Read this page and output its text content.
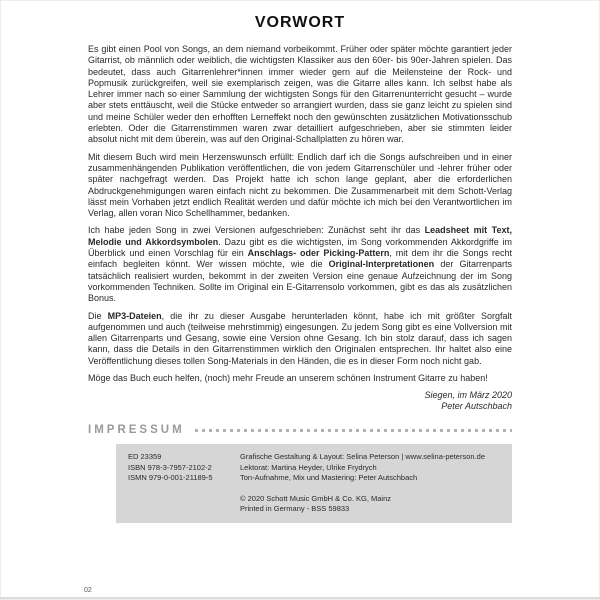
VORWORT

Es gibt einen Pool von Songs, an dem niemand vorbeikommt. Früher oder später möchte garantiert jeder Gitarrist, ob männlich oder weiblich, die wichtigsten Klassiker aus den 60er- bis 90er-Jahren spielen. Das bedeutet, dass auch Gitarrenlehrer*innen immer wieder gern auf die Meilensteine der Rock- und Popmusik zurückgreifen, weil sie exemplarisch zeigen, was die Gitarre alles kann. Ich selbst habe als Lehrer immer nach so einer Sammlung der wichtigsten Songs für den Gitarrenunterricht gesucht – wurde aber stets enttäuscht, weil die Stücke entweder so arrangiert wurden, dass sie ganz leicht zu spielen sind und meine Schüler weder den erhofften Lerneffekt noch den gewünschten zusätzlichen Motivationsschub erlebten. Oder die Gitarrenstimmen waren zwar detailliert aufgeschrieben, aber sie stimmten leider absolut nicht mit dem überein, was auf den Original-Schallplatten zu hören war.

Mit diesem Buch wird mein Herzenswunsch erfüllt: Endlich darf ich die Songs aufschreiben und in einer zusammenhängenden Publikation veröffentlichen, die von jedem Gitarrenschüler und -lehrer früher oder später nachgefragt werden. Das Projekt hatte ich schon lange geplant, aber die erforderlichen Abdruckgenehmigungen waren einfach nicht zu bekommen. Die Zusammenarbeit mit dem Schott-Verlag lässt mein Vorhaben jetzt endlich Realität werden und dafür möchte ich mich bei den Verantwortlichen im Verlag, allen voran Nico Schellhammer, bedanken.

Ich habe jeden Song in zwei Versionen aufgeschrieben: Zunächst seht ihr das Leadsheet mit Text, Melodie und Akkordsymbolen. Dazu gibt es die wichtigsten, im Song vorkommenden Akkordgriffe im Überblick und einen Vorschlag für ein Anschlags- oder Picking-Pattern, mit dem ihr die Songs recht einfach begleiten könnt. Wer wissen möchte, wie die Original-Interpretationen der Gitarrenparts tatsächlich realisiert wurden, bekommt in der zweiten Version eine genaue Aufzeichnung der im Song vorkommenden Techniken. Sollte im Original ein E-Gitarrensolo vorkommen, gibt es das als zusätzlichen Bonus.

Die MP3-Dateien, die ihr zu dieser Ausgabe herunterladen könnt, habe ich mit größter Sorgfalt aufgenommen und auch (teilweise mehrstimmig) eingesungen. Zu jedem Song gibt es eine Vollversion mit allen Gitarrenparts und Gesang, sowie eine Version ohne Gesang. Ich bin stolz darauf, dass ich sagen kann, dass die Details in den Gitarrenstimmen wirklich den Originalen entsprechen. Ihr haltet also eine Veröffentlichung dieses tollen Song-Materials in den Händen, die es in dieser Form noch nicht gab.

Möge das Buch euch helfen, (noch) mehr Freude an unserem schönen Instrument Gitarre zu haben!

Siegen, im März 2020
Peter Autschbach
IMPRESSUM
ED 23359
ISBN 978-3-7957-2102-2
ISMN 979-0-001-21189-5
Grafische Gestaltung & Layout: Selina Peterson | www.selina-peterson.de
Lektorat: Martina Heyder, Ulrike Frydrych
Ton-Aufnahme, Mix und Mastering: Peter Autschbach
© 2020 Schott Music GmbH & Co. KG, Mainz
Printed in Germany - BSS 59833
02
